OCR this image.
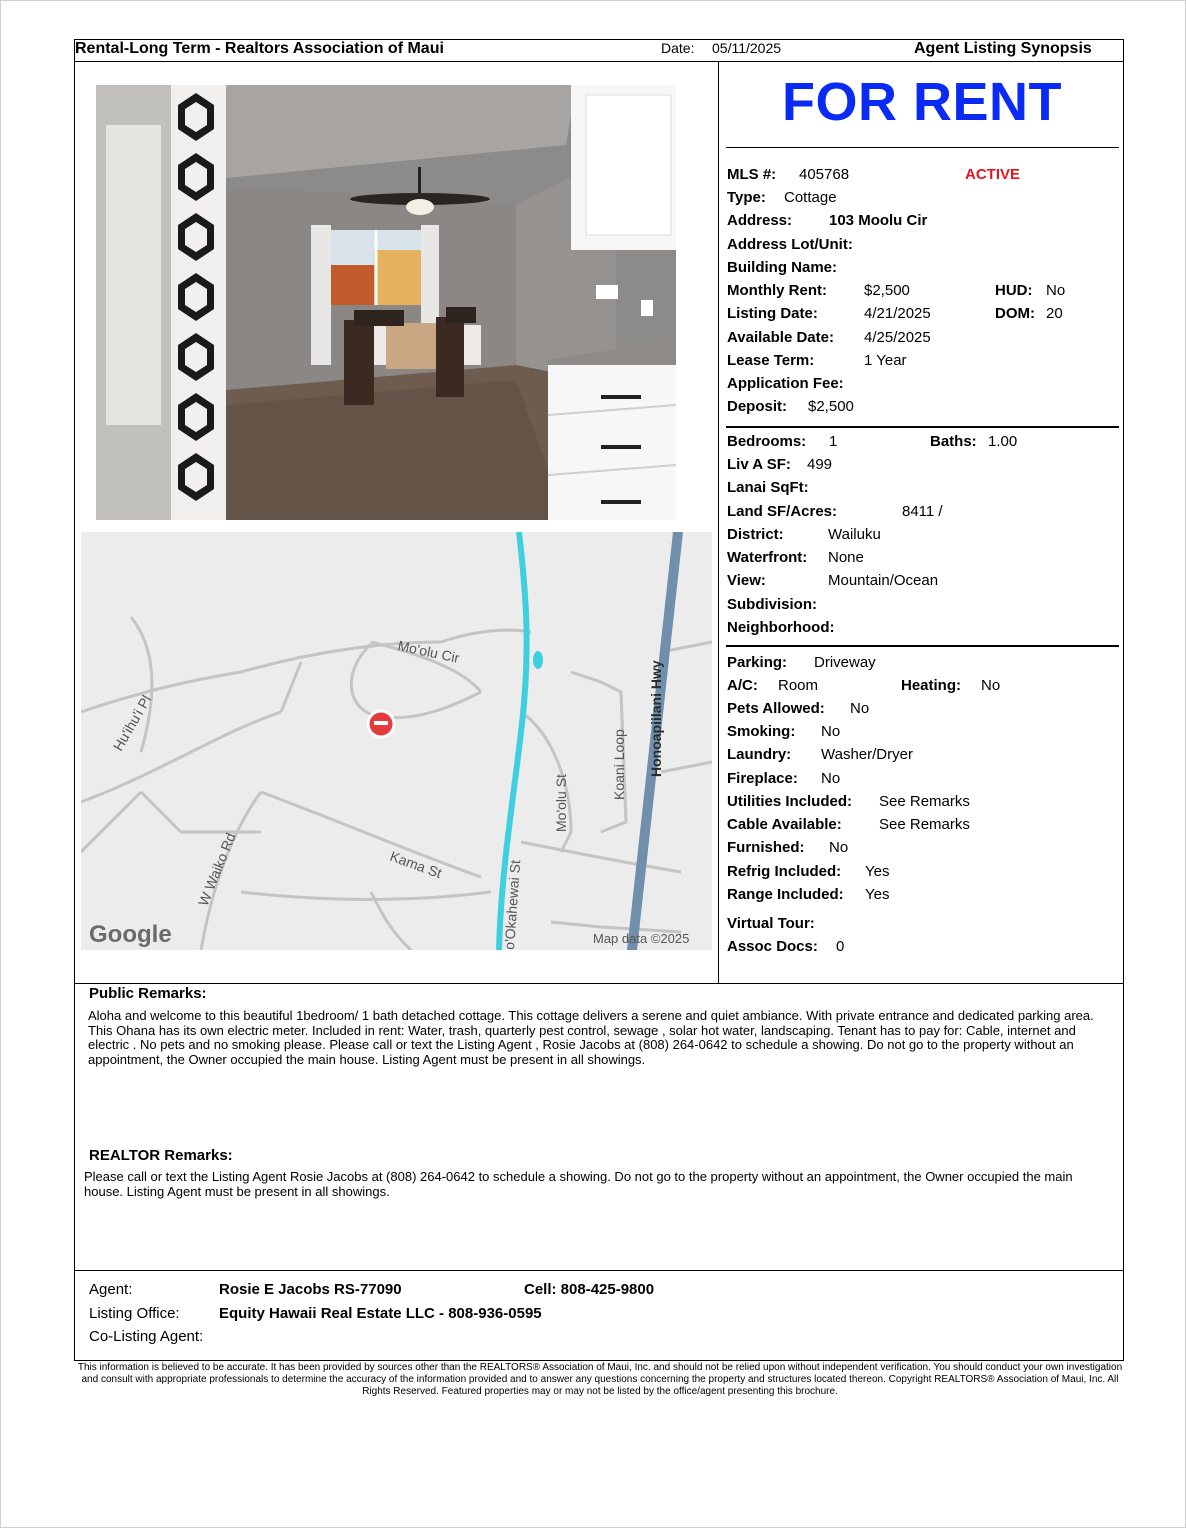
Rental-Long Term - Realtors Association of Maui	Date: 05/11/2025	Agent Listing Synopsis
Mo'olu Cir
Hu'ihu'i Pl	Honoapiilani Hwy
Koani Loop
Mo'olu St
W Waiko Rd	Kama St	o'Okahewai St
Google	Map data ©2025
FOR RENT
MLS #: 405768	ACTIVE
Type: Cottage
Address: 103 Moolu Cir
Address Lot/Unit:
Building Name:
Monthly Rent: $2,500	HUD: No
Listing Date:	4/21/2025	DOM: 20
Available Date: 4/25/2025
Lease Term:	1 Year
Application Fee:
Deposit: $2,500
Bedrooms: 1	Baths: 1.00
Liv A SF: 499
Lanai SqFt:
Land SF/Acres:	8411 /
District:	Wailuku
Waterfront: None
View:	Mountain/Ocean
Subdivision:
Neighborhood:
Parking: Driveway
A/C: Room	Heating: No
Pets Allowed: No
Smoking: No
Laundry: Washer/Dryer
Fireplace: No
Utilities Included: See Remarks
Cable Available: See Remarks
Furnished: No
Refrig Included: Yes
Range Included: Yes
Virtual Tour:
Assoc Docs: 0
Public Remarks:
Aloha and welcome to this beautiful 1bedroom/ 1 bath detached cottage. This cottage delivers a serene and quiet ambiance. With private entrance and dedicated parking area. This Ohana has its own electric meter. Included in rent: Water, trash, quarterly pest control, sewage , solar hot water, landscaping. Tenant has to pay for: Cable, internet and electric . No pets and no smoking please. Please call or text the Listing Agent , Rosie Jacobs at (808) 264-0642 to schedule a showing. Do not go to the property without an appointment, the Owner occupied the main house. Listing Agent must be present in all showings.
REALTOR Remarks:
Please call or text the Listing Agent Rosie Jacobs at (808) 264-0642 to schedule a showing. Do not go to the property without an appointment, the Owner occupied the main house. Listing Agent must be present in all showings.
Agent:	Rosie E Jacobs RS-77090	Cell: 808-425-9800
Listing Office:	Equity Hawaii Real Estate LLC - 808-936-0595
Co-Listing Agent:
This information is believed to be accurate. It has been provided by sources other than the REALTORS® Association of Maui, Inc. and should not be relied upon without independent verification. You should conduct your own investigation and consult with appropriate professionals to determine the accuracy of the information provided and to answer any questions concerning the property and structures located thereon. Copyright REALTORS® Association of Maui, Inc. All Rights Reserved. Featured properties may or may not be listed by the office/agent presenting this brochure.
